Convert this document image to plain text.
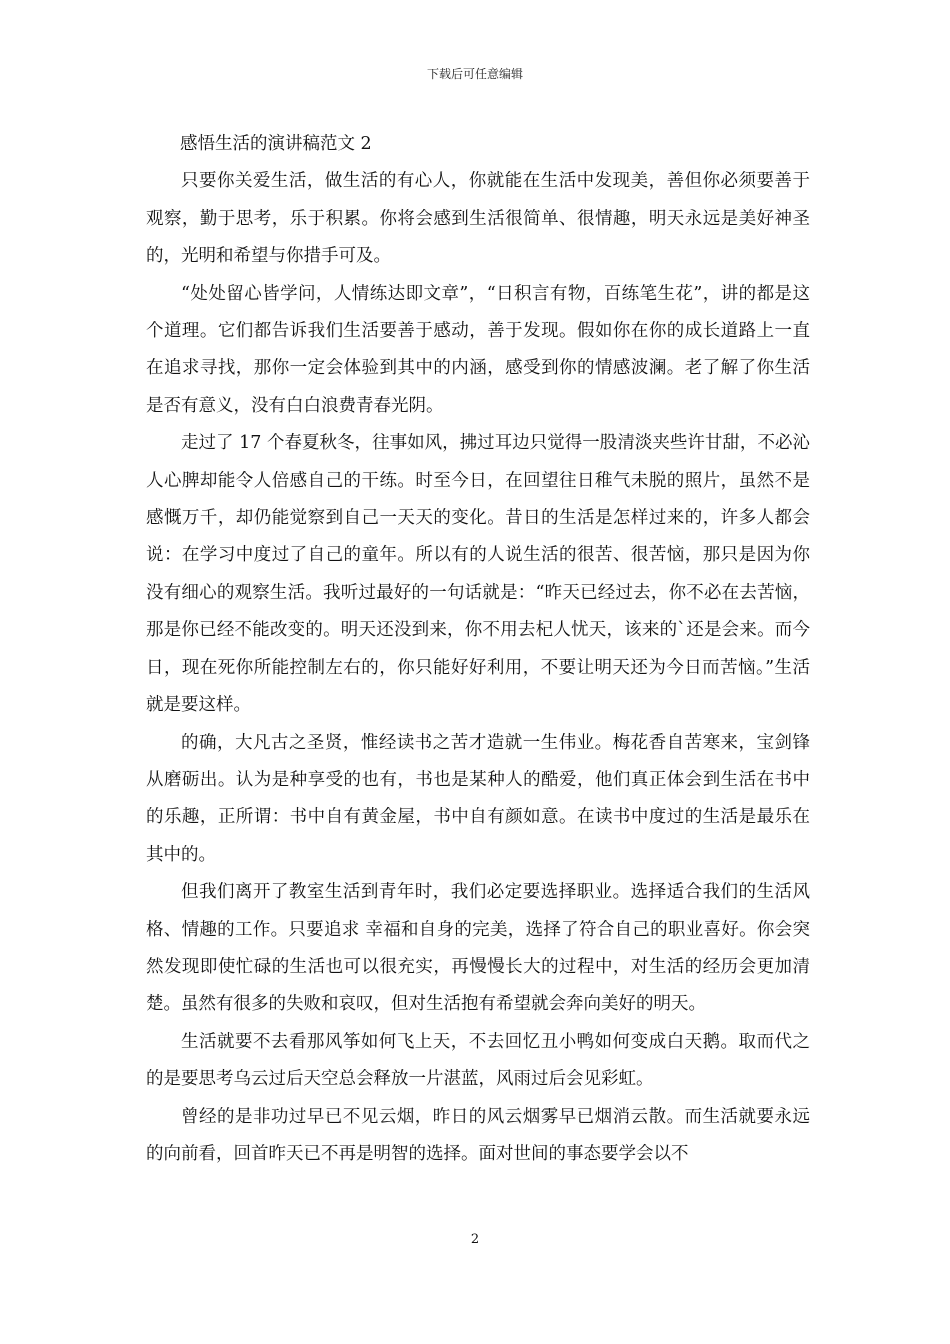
下载后可任意编辑
感悟生活的演讲稿范文 2

只要你关爱生活，做生活的有心人，你就能在生活中发现美，善但你必须要善于观察，勤于思考，乐于积累。你将会感到生活很简单、很情趣，明天永远是美好神圣的，光明和希望与你措手可及。

“处处留心皆学问，人情练达即文章”，“日积言有物，百练笔生花”，讲的都是这个道理。它们都告诉我们生活要善于感动，善于发现。假如你在你的成长道路上一直在追求寻找，那你一定会体验到其中的内涵，感受到你的情感波澜。老了解了你生活是否有意义，没有白白浪费青春光阴。

走过了 17 个春夏秋冬，往事如风，拂过耳边只觉得一股清淡夹些许甘甜，不必沁人心脾却能令人倍感自己的干练。时至今日，在回望往日稚气未脱的照片，虽然不是感慨万千，却仍能觉察到自己一天天的变化。昔日的生活是怎样过来的，许多人都会说：在学习中度过了自己的童年。所以有的人说生活的很苦、很苦恼，那只是因为你没有细心的观察生活。我听过最好的一句话就是：“昨天已经过去，你不必在去苦恼，那是你已经不能改变的。明天还没到来，你不用去杞人忧天，该来的`还是会来。而今日，现在死你所能控制左右的，你只能好好利用，不要让明天还为今日而苦恼。”生活就是要这样。

的确，大凡古之圣贤，惟经读书之苦才造就一生伟业。梅花香自苦寒来，宝剑锋从磨砺出。认为是种享受的也有，书也是某种人的酷爱，他们真正体会到生活在书中的乐趣，正所谓：书中自有黄金屋，书中自有颜如意。在读书中度过的生活是最乐在其中的。

但我们离开了教室生活到青年时，我们必定要选择职业。选择适合我们的生活风格、情趣的工作。只要追求 幸福和自身的完美，选择了符合自己的职业喜好。你会突然发现即使忙碌的生活也可以很充实，再慢慢长大的过程中，对生活的经历会更加清楚。虽然有很多的失败和哀叹，但对生活抱有希望就会奔向美好的明天。

生活就要不去看那风筝如何飞上天，不去回忆丑小鸭如何变成白天鹅。取而代之的是要思考乌云过后天空总会释放一片湛蓝，风雨过后会见彩虹。

曾经的是非功过早已不见云烟，昨日的风云烟雾早已烟消云散。而生活就要永远的向前看，回首昨天已不再是明智的选择。面对世间的事态要学会以不

2
